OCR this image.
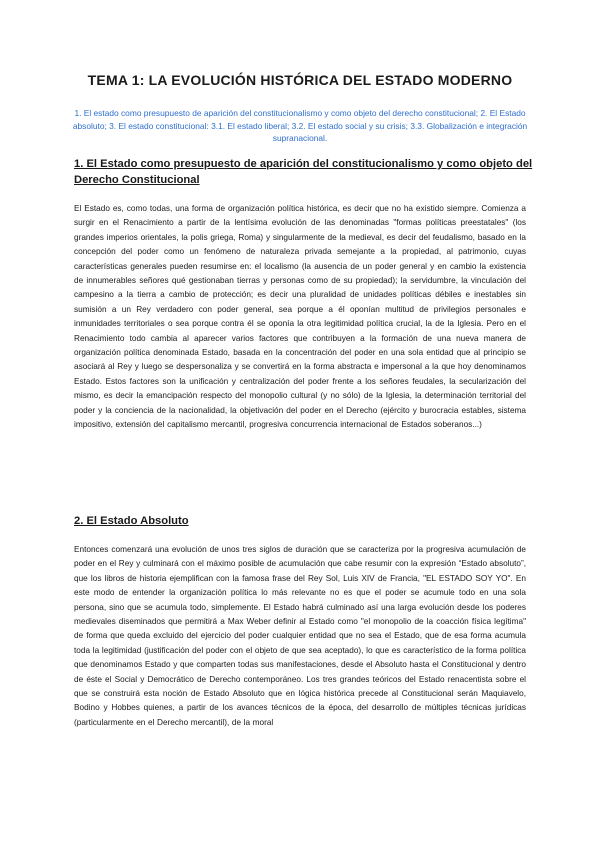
TEMA 1: LA EVOLUCIÓN HISTÓRICA DEL ESTADO MODERNO

1. El estado como presupuesto de aparición del constitucionalismo y como objeto del derecho constitucional; 2. El Estado absoluto; 3. El estado constitucional: 3.1. El estado liberal; 3.2. El estado social y su crisis; 3.3. Globalización e integración supranacional.

1. El Estado como presupuesto de aparición del constitucionalismo y como objeto del Derecho Constitucional

El Estado es, como todas, una forma de organización política histórica, es decir que no ha existido siempre. Comienza a surgir en el Renacimiento a partir de la lentísima evolución de las denominadas "formas políticas preestatales" (los grandes imperios orientales, la polis griega, Roma) y singularmente de la medieval, es decir del feudalismo, basado en la concepción del poder como un fenómeno de naturaleza privada semejante a la propiedad, al patrimonio, cuyas características generales pueden resumirse en: el localismo (la ausencia de un poder general y en cambio la existencia de innumerables señores qué gestionaban tierras y personas como de su propiedad); la servidumbre, la vinculación del campesino a la tierra a cambio de protección; es decir una pluralidad de unidades políticas débiles e inestables sin sumisión a un Rey verdadero con poder general, sea porque a él oponían multitud de privilegios personales e inmunidades territoriales o sea porque contra él se oponía la otra legitimidad política crucial, la de la Iglesia. Pero en el Renacimiento todo cambia al aparecer varios factores que contribuyen a la formación de una nueva manera de organización política denominada Estado, basada en la concentración del poder en una sola entidad que al principio se asociará al Rey y luego se despersonaliza y se convertirá en la forma abstracta e impersonal a la que hoy denominamos Estado. Estos factores son la unificación y centralización del poder frente a los señores feudales, la secularización del mismo, es decir la emancipación respecto del monopolio cultural (y no sólo) de la Iglesia, la determinación territorial del poder y la conciencia de la nacionalidad, la objetivación del poder en el Derecho (ejército y burocracia estables, sistema impositivo, extensión del capitalismo mercantil, progresiva concurrencia internacional de Estados soberanos...)

2. El Estado Absoluto

Entonces comenzará una evolución de unos tres siglos de duración que se caracteriza por la progresiva acumulación de poder en el Rey y culminará con el máximo posible de acumulación que cabe resumir con la expresión “Estado absoluto”, que los libros de historia ejemplifican con la famosa frase del Rey Sol, Luis XIV de Francia, "EL ESTADO SOY YO". En este modo de entender la organización política lo más relevante no es que el poder se acumule todo en una sola persona, sino que se acumula todo, simplemente. El Estado habrá culminado así una larga evolución desde los poderes medievales diseminados que permitirá a Max Weber definir al Estado como "el monopolio de la coacción física legítima" de forma que queda excluido del ejercicio del poder cualquier entidad que no sea el Estado, que de esa forma acumula toda la legitimidad (justificación del poder con el objeto de que sea aceptado), lo que es característico de la forma política que denominamos Estado y que comparten todas sus manifestaciones, desde el Absoluto hasta el Constitucional y dentro de éste el Social y Democrático de Derecho contemporáneo. Los tres grandes teóricos del Estado renacentista sobre el que se construirá esta noción de Estado Absoluto que en lógica histórica precede al Constitucional serán Maquiavelo, Bodino y Hobbes quienes, a partir de los avances técnicos de la época, del desarrollo de múltiples técnicas jurídicas (particularmente en el Derecho mercantil), de la moral
